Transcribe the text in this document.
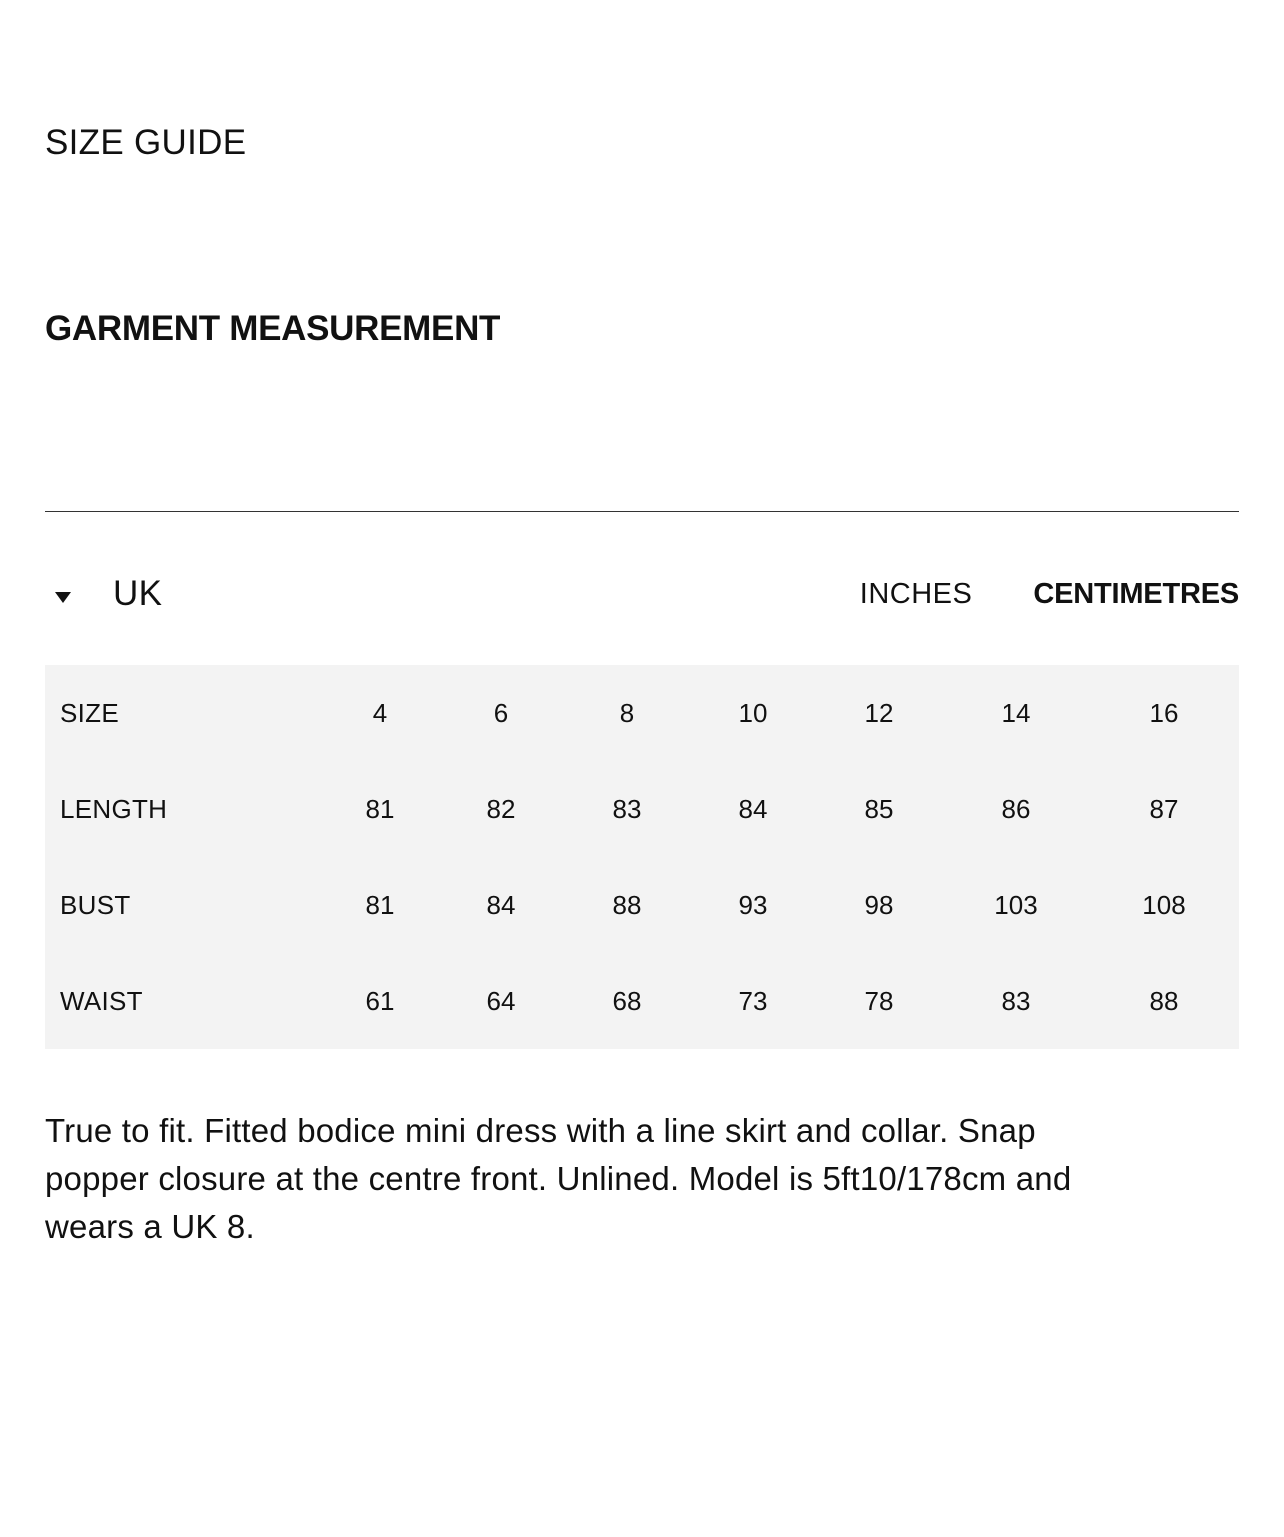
SIZE GUIDE
GARMENT MEASUREMENT
UK	INCHES CENTIMETRES
SIZE	4	6	8	10	12	14	16
LENGTH	81	82	83	84	85	86	87
BUST	81	84	88	93	98	103	108
WAIST	61	64	68	73	78	83	88
True to fit. Fitted bodice mini dress with a line skirt and collar. Snap popper closure at the centre front. Unlined. Model is 5ft10/178cm and wears a UK 8.
